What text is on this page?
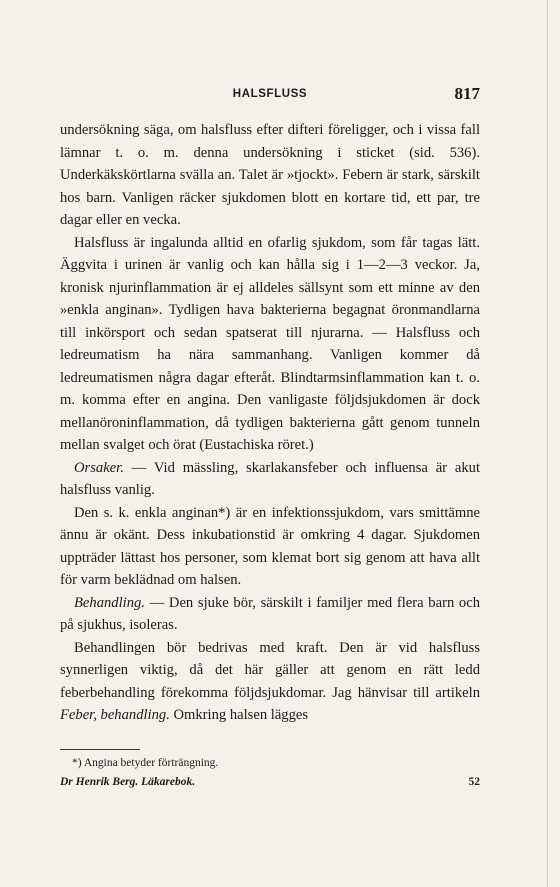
HALSFLUSS	817

undersökning säga, om halsfluss efter difteri föreligger, och i vissa fall lämnar t. o. m. denna undersökning i sticket (sid. 536). Underkäkskörtlarna svälla an. Talet är »tjockt». Febern är stark, särskilt hos barn. Vanligen räcker sjukdomen blott en kortare tid, ett par, tre dagar eller en vecka.

Halsfluss är ingalunda alltid en ofarlig sjukdom, som får tagas lätt. Äggvita i urinen är vanlig och kan hålla sig i 1—2—3 veckor. Ja, kronisk njurinflammation är ej alldeles sällsynt som ett minne av den »enkla anginan». Tydligen hava bakterierna begagnat öronmandlarna till inkörsport och sedan spatserat till njurarna. — Halsfluss och ledreumatism ha nära sammanhang. Vanligen kommer då ledreumatismen några dagar efteråt. Blindtarmsinflammation kan t. o. m. komma efter en angina. Den vanligaste följdsjukdomen är dock mellanöroninflammation, då tydligen bakterierna gått genom tunneln mellan svalget och örat (Eustachiska röret.)

Orsaker. — Vid mässling, skarlakansfeber och influensa är akut halsfluss vanlig.

Den s. k. enkla anginan*) är en infektionssjukdom, vars smittämne ännu är okänt. Dess inkubationstid är omkring 4 dagar. Sjukdomen uppträder lättast hos personer, som klemat bort sig genom att hava allt för varm beklädnad om halsen.

Behandling. — Den sjuke bör, särskilt i familjer med flera barn och på sjukhus, isoleras.

Behandlingen bör bedrivas med kraft. Den är vid halsfluss synnerligen viktig, då det här gäller att genom en rätt ledd feberbehandling förekomma följdsjukdomar. Jag hänvisar till artikeln Feber, behandling. Omkring halsen lägges

*) Angina betyder förträngning.
Dr Henrik Berg. Läkarebok.	52
